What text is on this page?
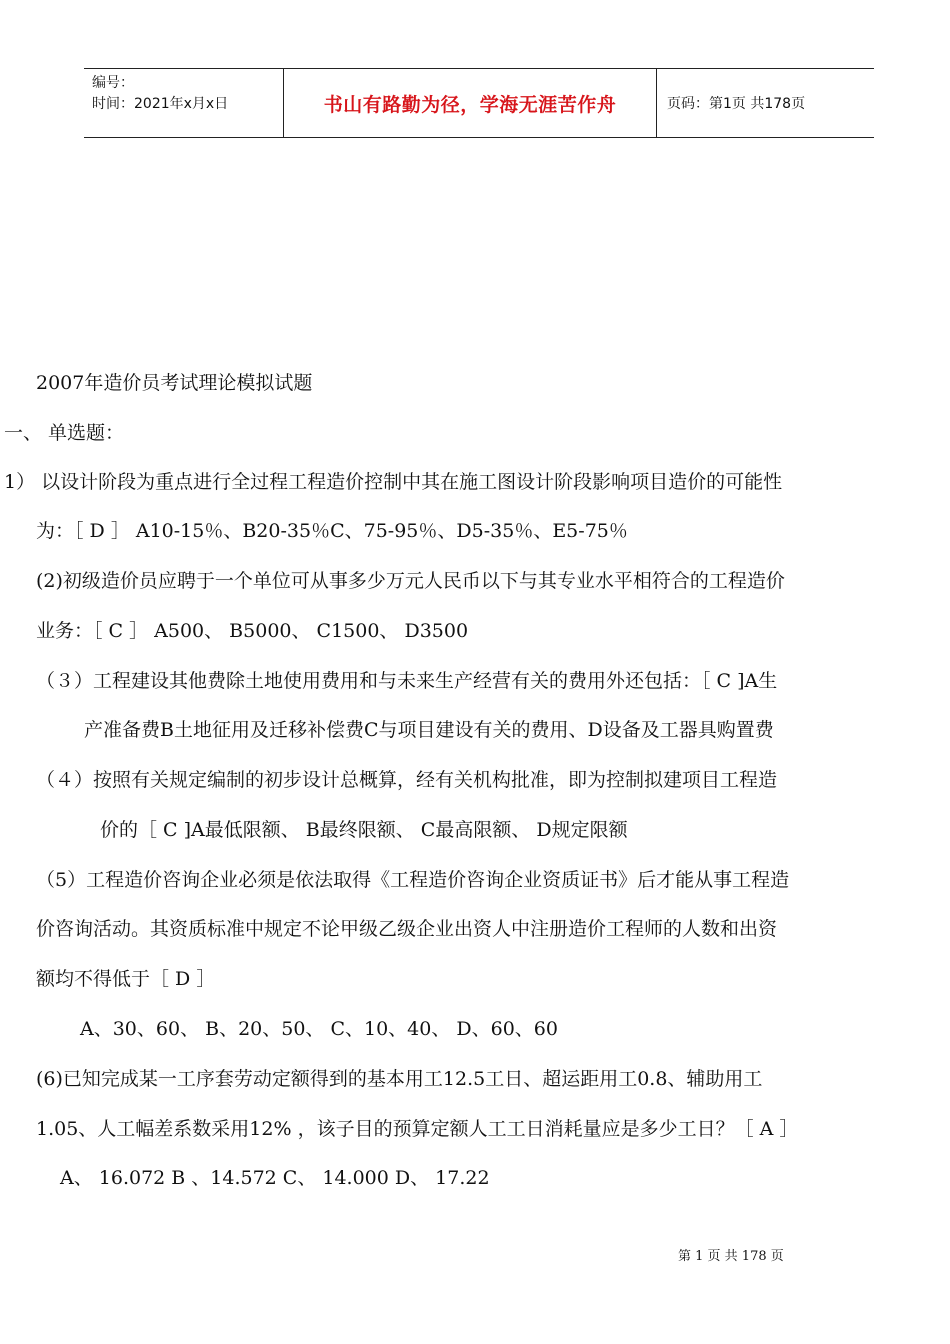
编号：
时间：2021年x月x日	书山有路勤为径，学海无涯苦作舟	页码：第1页 共178页
2007年造价员考试理论模拟试题
一、 单选题：
1） 以设计阶段为重点进行全过程工程造价控制中其在施工图设计阶段影响项目造价的可能性
为：［ D ］ A10-15％、B20-35％C、75-95％、D5-35％、E5-75％
(2)初级造价员应聘于一个单位可从事多少万元人民币以下与其专业水平相符合的工程造价
业务：［ C ］ A500、 B5000、 C1500、 D3500
（３）工程建设其他费除土地使用费用和与未来生产经营有关的费用外还包括：［ C ]A生
产准备费B土地征用及迁移补偿费C与项目建设有关的费用、D设备及工器具购置费
（４）按照有关规定编制的初步设计总概算，经有关机构批准，即为控制拟建项目工程造
价的［ C ]A最低限额、 B最终限额、 C最高限额、 D规定限额
（5）工程造价咨询企业必须是依法取得《工程造价咨询企业资质证书》后才能从事工程造
价咨询活动。其资质标准中规定不论甲级乙级企业出资人中注册造价工程师的人数和出资
额均不得低于［ D ］
A、30、60、 B、20、50、 C、10、40、 D、60、60
(6)已知完成某一工序套劳动定额得到的基本用工12.5工日、超运距用工0.8、辅助用工
1.05、人工幅差系数采用12% ，该子目的预算定额人工工日消耗量应是多少工日？［ A ］
A、 16.072 B 、14.572 C、 14.000 D、 17.22
第 1 页 共 178 页
